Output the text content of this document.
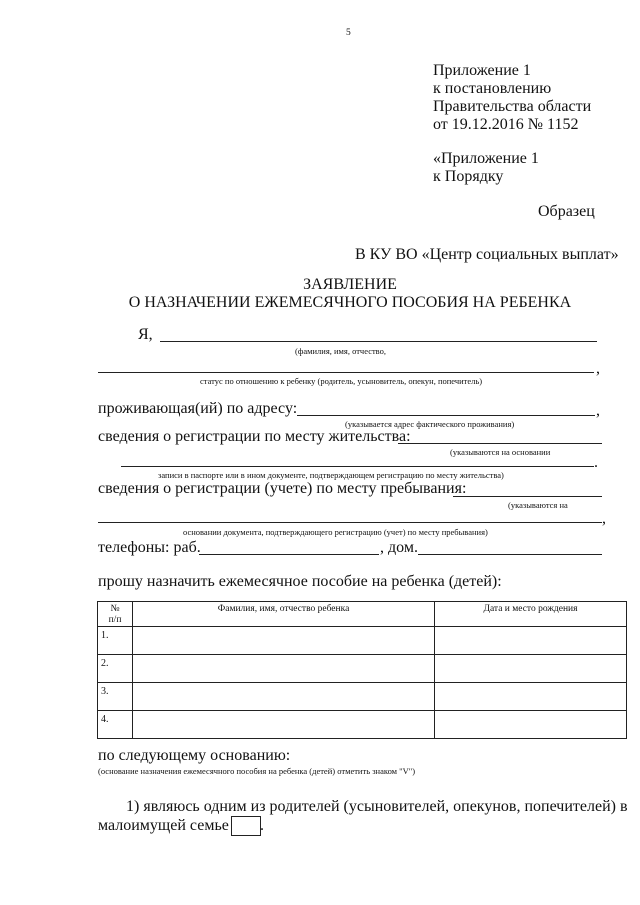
5
Приложение 1
к постановлению
Правительства области
от 19.12.2016 № 1152
«Приложение 1
к Порядку
Образец
В КУ ВО «Центр социальных выплат»
ЗАЯВЛЕНИЕ
О НАЗНАЧЕНИИ ЕЖЕМЕСЯЧНОГО ПОСОБИЯ НА РЕБЕНКА
Я,
(фамилия, имя, отчество,
,
статус по отношению к ребенку (родитель, усыновитель, опекун, попечитель)
проживающая(ий) по адресу:	,
(указывается адрес фактического проживания)
сведения о регистрации по месту жительства:
(указываются на основании
.
записи в паспорте или в ином документе, подтверждающем регистрацию по месту жительства)
сведения о регистрации (учете) по месту пребывания:
(указываются на
,
основании документа, подтверждающего регистрацию (учет) по месту пребывания)
телефоны: раб.	, дом.
прошу назначить ежемесячное пособие на ребенка (детей):
№
п/п	Фамилия, имя, отчество ребенка	Дата и место рождения
1.		
2.		
3.		
4.		
по следующему основанию:
(основание назначения ежемесячного пособия на ребенка (детей) отметить знаком "V")
1) являюсь одним из родителей (усыновителей, опекунов, попечителей) в
малоимущей семье .
